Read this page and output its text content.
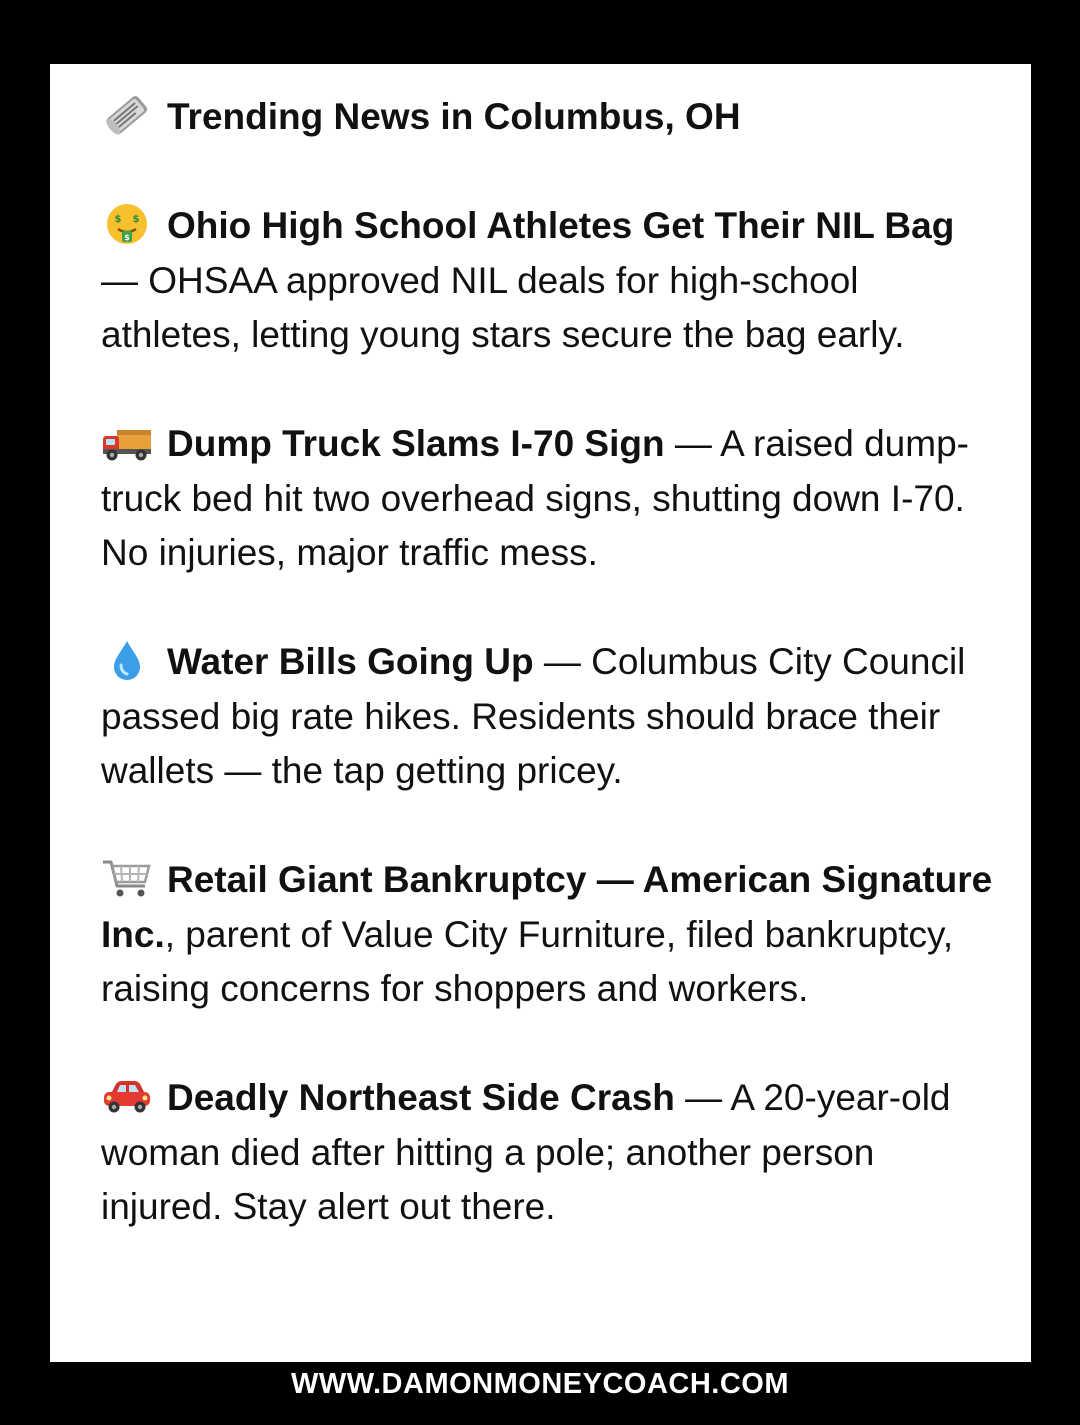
Trending News in Columbus, OH

$ $
$ Ohio High School Athletes Get Their NIL Bag — OHSAA approved NIL deals for high-school athletes, letting young stars secure the bag early.

Dump Truck Slams I-70 Sign — A raised dump-truck bed hit two overhead signs, shutting down I-70. No injuries, major traffic mess.

Water Bills Going Up — Columbus City Council passed big rate hikes. Residents should brace their wallets — the tap getting pricey.

Retail Giant Bankruptcy — American Signature Inc., parent of Value City Furniture, filed bankruptcy, raising concerns for shoppers and workers.

Deadly Northeast Side Crash — A 20-year-old woman died after hitting a pole; another person injured. Stay alert out there.

WWW.DAMONMONEYCOACH.COM
